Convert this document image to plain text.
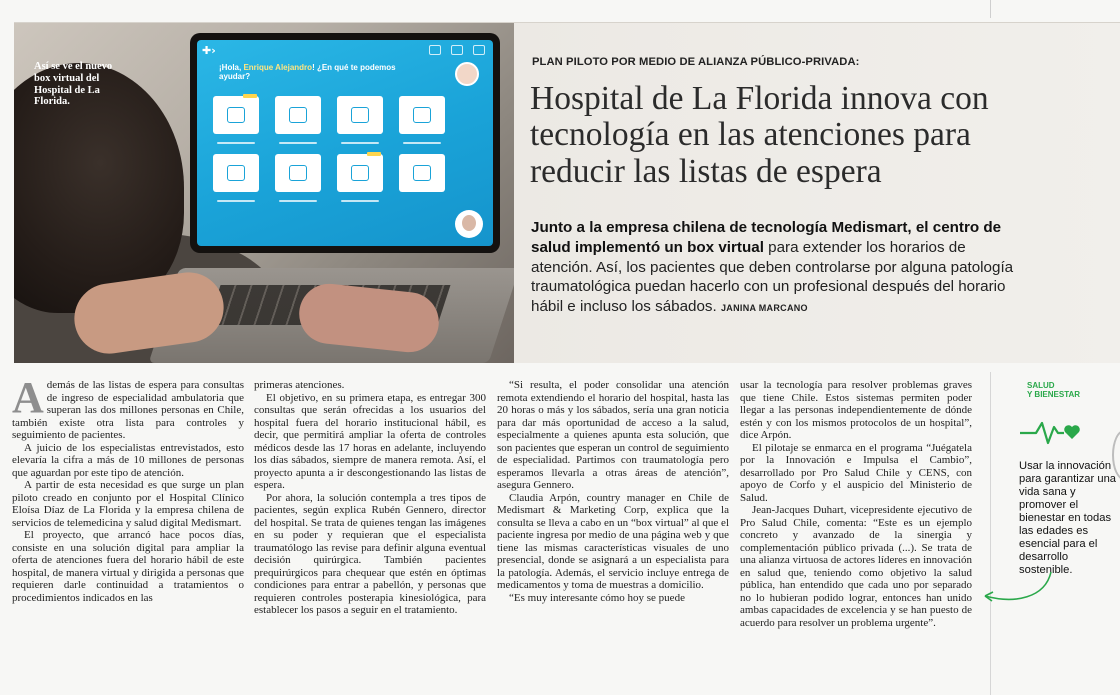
✚›
¡Hola, Enrique Alejandro! ¿En qué te podemos ayudar?
Así se ve el nuevo box virtual del Hospital de La Florida.
PLAN PILOTO POR MEDIO DE ALIANZA PÚBLICO-PRIVADA:
Hospital de La Florida innova con tecnología en las atenciones para reducir las listas de espera

Junto a la empresa chilena de tecnología Medismart, el centro de salud implementó un box virtual para extender los horarios de atención. Así, los pacientes que deben controlarse por alguna patología traumatológica puedan hacerlo con un profesional después del horario hábil e incluso los sábados. JANINA MARCANO

A demás de las listas de espera para consultas de ingreso de especialidad ambulatoria que superan las dos millones personas en Chile, también existe otra lista para controles y seguimiento de pacientes.

A juicio de los especialistas entrevistados, esto elevaría la cifra a más de 10 millones de personas que aguardan por este tipo de atención.

A partir de esta necesidad es que surge un plan piloto creado en conjunto por el Hospital Clínico Eloísa Díaz de La Florida y la empresa chilena de servicios de telemedicina y salud digital Medismart.

El proyecto, que arrancó hace pocos días, consiste en una solución digital para ampliar la oferta de atenciones fuera del horario hábil de este hospital, de manera virtual y dirigida a personas que requieren darle continuidad a tratamientos o procedimientos indicados en las

primeras atenciones.

El objetivo, en su primera etapa, es entregar 300 consultas que serán ofrecidas a los usuarios del hospital fuera del horario institucional hábil, es decir, que permitirá ampliar la oferta de controles médicos desde las 17 horas en adelante, incluyendo los días sábados, siempre de manera remota. Así, el proyecto apunta a ir descongestionando las listas de espera.

Por ahora, la solución contempla a tres tipos de pacientes, según explica Rubén Gennero, director del hospital. Se trata de quienes tengan las imágenes en su poder y requieran que el especialista traumatólogo las revise para definir alguna eventual decisión quirúrgica. También pacientes prequirúrgicos para chequear que estén en óptimas condiciones para entrar a pabellón, y personas que requieren controles posterapia kinesiológica, para establecer los pasos a seguir en el tratamiento.

“Si resulta, el poder consolidar una atención remota extendiendo el horario del hospital, hasta las 20 horas o más y los sábados, sería una gran noticia para dar más oportunidad de acceso a la salud, especialmente a quienes apunta esta solución, que son pacientes que esperan un control de seguimiento de especialidad. Partimos con traumatología pero esperamos llevarla a otras áreas de atención”, asegura Gennero.

Claudia Arpón, country manager en Chile de Medismart & Marketing Corp, explica que la consulta se lleva a cabo en un “box virtual” al que el paciente ingresa por medio de una página web y que tiene las mismas características visuales de uno presencial, donde se asignará a un especialista para la patología. Además, el servicio incluye entrega de medicamentos y toma de muestras a domicilio.

“Es muy interesante cómo hoy se puede

usar la tecnología para resolver problemas graves que tiene Chile. Estos sistemas permiten poder llegar a las personas independientemente de dónde estén y con los mismos protocolos de un hospital”, dice Arpón.

El pilotaje se enmarca en el programa “Juégatela por la Innovación e Impulsa el Cambio”, desarrollado por Pro Salud Chile y CENS, con apoyo de Corfo y el auspicio del Ministerio de Salud.

Jean-Jacques Duhart, vicepresidente ejecutivo de Pro Salud Chile, comenta: “Este es un ejemplo concreto y avanzado de la sinergia y complementación público privada (...). Se trata de una alianza virtuosa de actores líderes en innovación en salud que, teniendo como objetivo la salud pública, han entendido que cada uno por separado no lo hubieran podido lograr, entonces han unido ambas capacidades de excelencia y se han puesto de acuerdo para resolver un problema urgente”.

SALUD
Y BIENESTAR

Usar la innovación para garantizar una vida sana y promover el bienestar en todas las edades es esencial para el desarrollo sostenible.
